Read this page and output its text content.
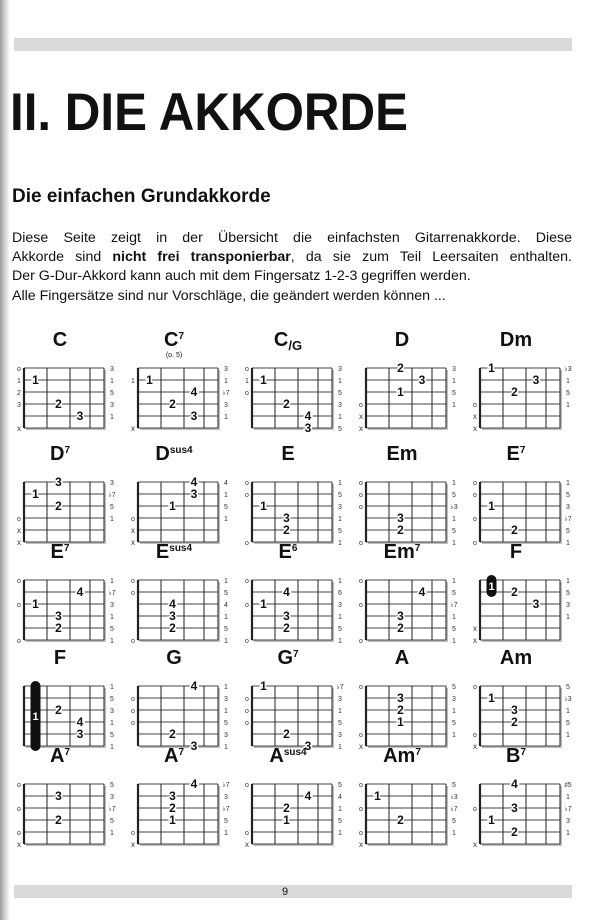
II. DIE AKKORDE
Die einfachen Grundakkorde

Diese Seite zeigt in der Übersicht die einfachsten Gitarrenakkorde. Diese

Akkorde sind nicht frei transponierbar, da sie zum Teil Leersaiten enthalten.

Der G-Dur-Akkord kann auch mit dem Fingersatz 1-2-3 gegriffen werden.

Alle Fingersätze sind nur Vorschläge, die geändert werden können ...

C
1
2
3
o
1
2
3
x
3
1
5
3
1
$C^7$
(o. 5)
1
4
2
3
1
x
3
1
♭7
3
1
$C_{/G}$
1
2
4
3
o
1
o
3
1
5
3
1
5
D
2
3
1
o
x
x
3
1
5
1
Dm
1
3
2
o
x
x
♭3
1
5
1
$D^7$
3
1
2
o
x
x
3
♭7
5
1
$D^{sus4}$
4
3
1
o
x
x
4
1
5
1
E
1
3
2
o
o
o
1
5
3
1
5
1
Em
3
2
o
o
o
o
1
5
♭3
1
5
1
$E^7$
1
2
o
o
o
o
1
5
3
♭7
5
1
$E^7$
4
1
3
2
o
o
o
1
♭7
3
1
5
1
$E^{sus4}$
4
3
2
o
o
o
1
5
4
1
5
1
$E^6$
4
1
3
2
o
o
o
1
6
3
1
5
1
Em$^7$
4
3
2
o
o
o
1
5
♭7
1
5
1
F
1 2
3
x
x
1
5
3
1
F
1 2
4
3
1
5
3
1
5
1
G
4
2
3
o
o
o
1
3
1
5
3
1
$G^7$
1
2
3
o
o
o
♭7
3
1
5
3
1
A
3
2
1
o
o
x
5
3
1
5
1
Am
1
3
2
o
o
x
5
♭3
1
5
1
$A^7$
3
2
o
o
o
x
5
3
♭7
5
1
$A^7$
4
3
2
1
o
x
♭7
3
♭7
5
1
$A^{sus4}$
4
2
1
o
o
x
5
4
1
5
1
Am$^7$
1
2
o
o
o
x
5
♭3
♭7
5
1
$B^7$
4
3
1
2
o
x
♯5
1
♭7
3
1
9
